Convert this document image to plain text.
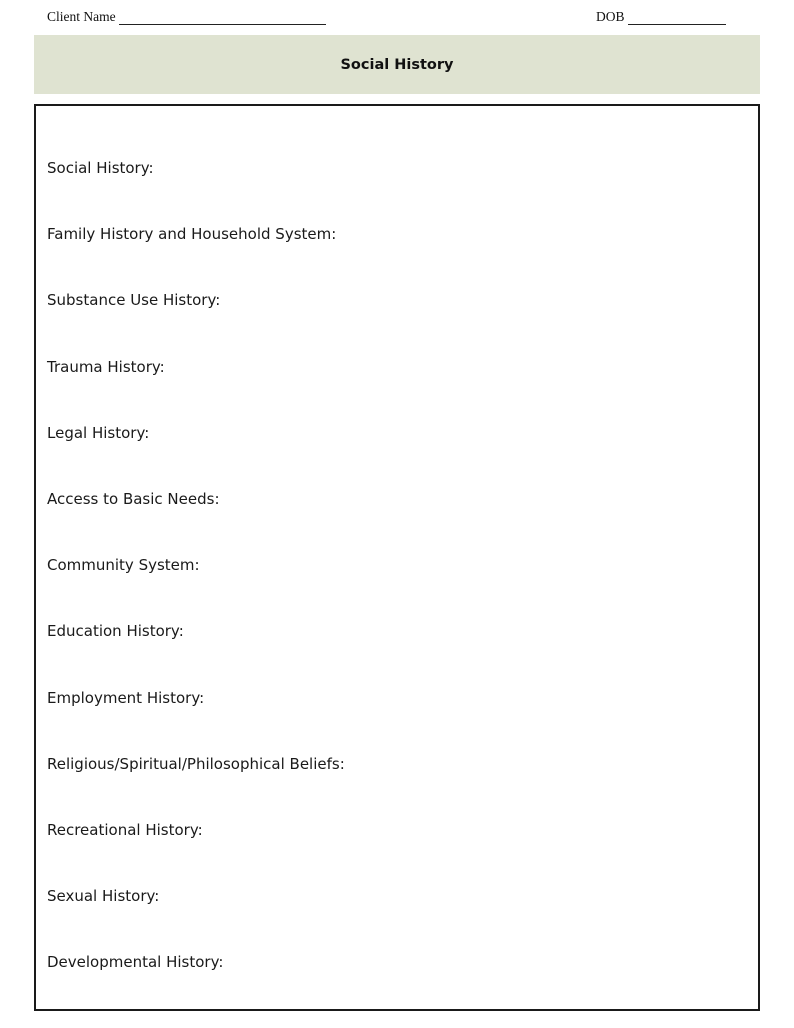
Client Name	DOB
Social History
Social History:
Family History and Household System:
Substance Use History:
Trauma History:
Legal History:
Access to Basic Needs:
Community System:
Education History:
Employment History:
Religious/Spiritual/Philosophical Beliefs:
Recreational History:
Sexual History:
Developmental History:
